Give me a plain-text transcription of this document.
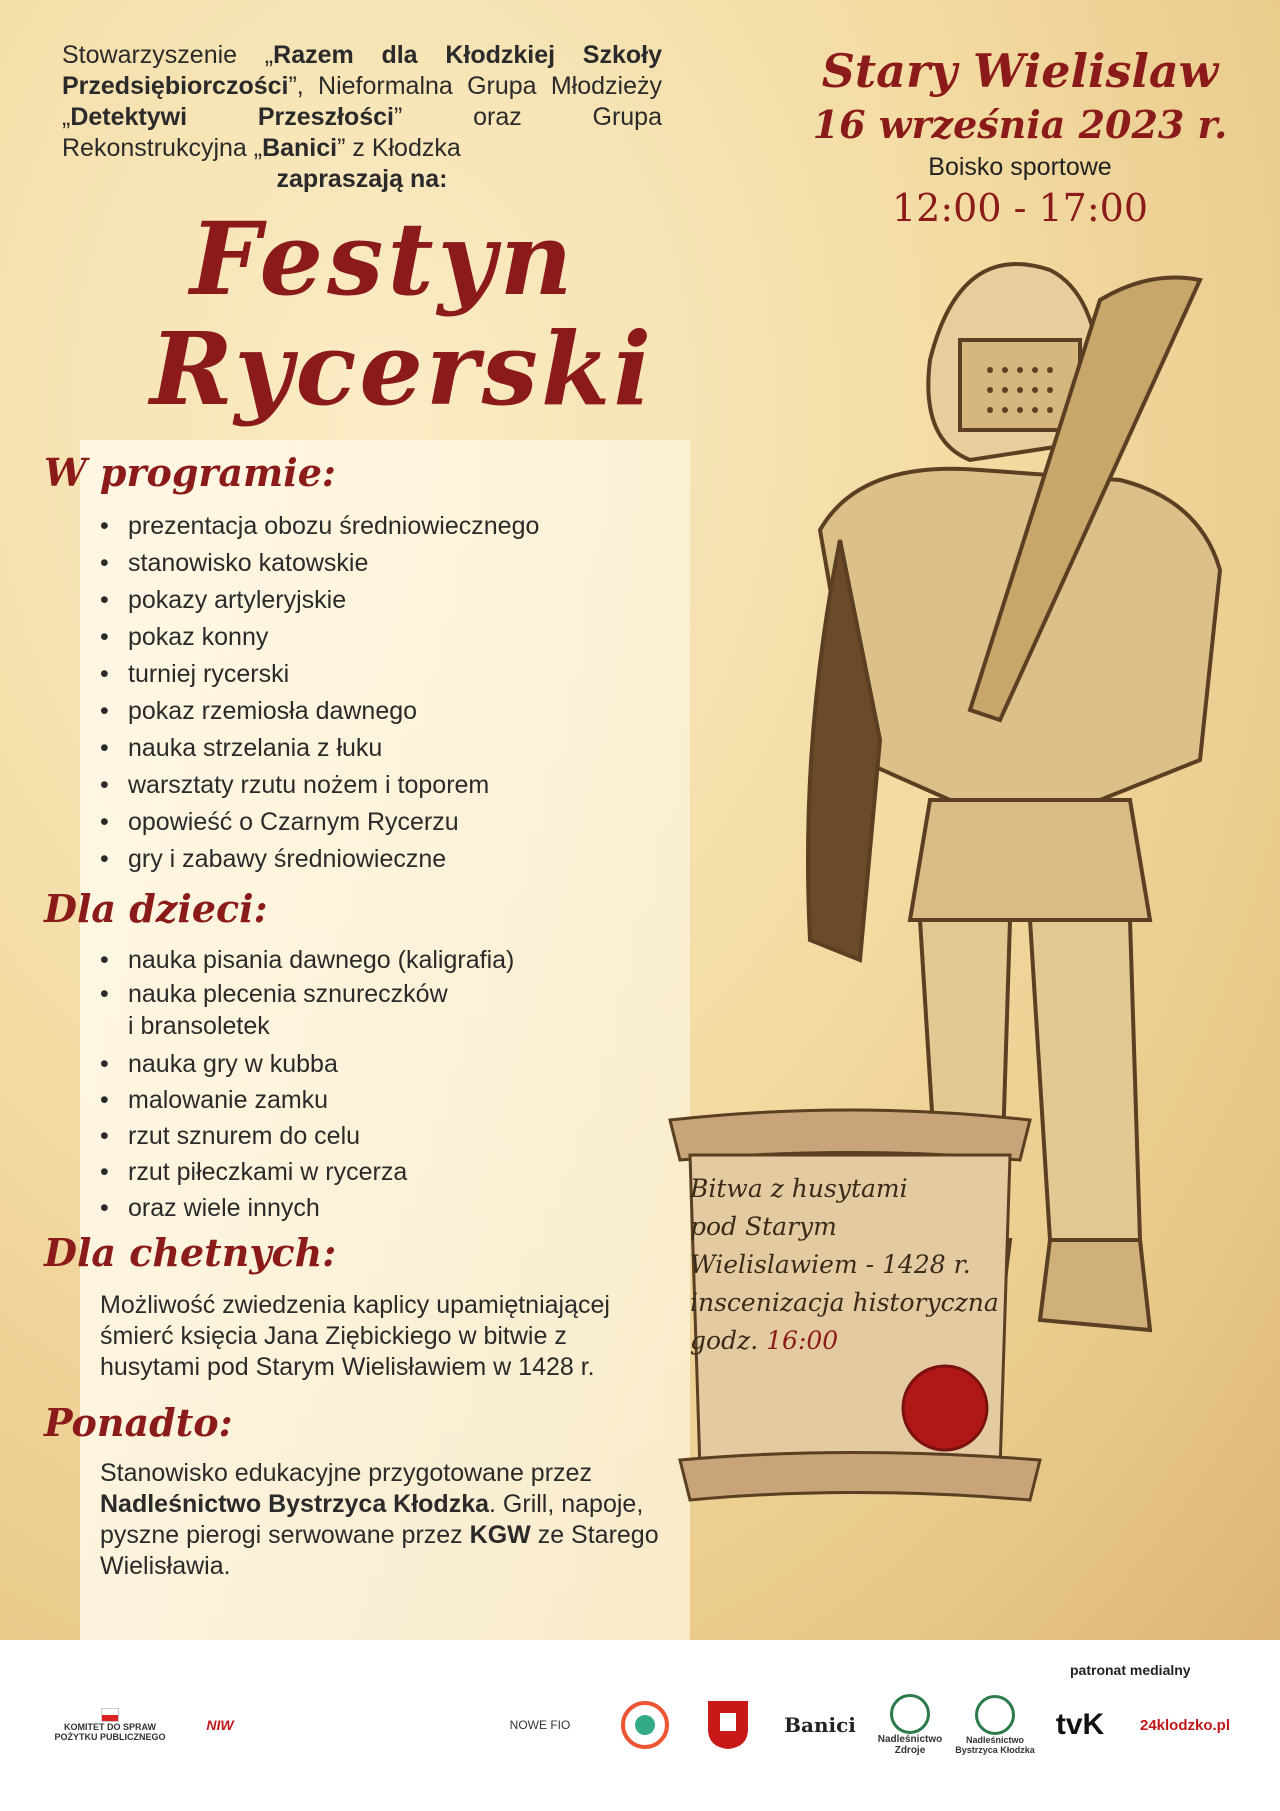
Stowarzyszenie „Razem dla Kłodzkiej Szkoły Przedsiębiorczości”, Nieformalna Grupa Młodzieży „Detektywi Przeszłości” oraz Grupa Rekonstrukcyjna „Banici” z Kłodzka
zapraszają na:
Festyn
Rycerski
Stary Wielislaw
16 września 2023 r.
Boisko sportowe
12:00 - 17:00
W programie:
• prezentacja obozu średniowiecznego
• stanowisko katowskie
• pokazy artyleryjskie
• pokaz konny
• turniej rycerski
• pokaz rzemiosła dawnego
• nauka strzelania z łuku
• warsztaty rzutu nożem i toporem
• opowieść o Czarnym Rycerzu
• gry i zabawy średniowieczne
Dla dzieci:
• nauka pisania dawnego (kaligrafia)
• nauka plecenia sznureczków
i bransoletek
• nauka gry w kubba
• malowanie zamku
• rzut sznurem do celu
• rzut piłeczkami w rycerza
• oraz wiele innych
Dla chetnych:
Możliwość zwiedzenia kaplicy upamiętniającej śmierć księcia Jana Ziębickiego w bitwie z husytami pod Starym Wielisławiem w 1428 r.
Ponadto:
Stanowisko edukacyjne przygotowane przez Nadleśnictwo Bystrzyca Kłodzka. Grill, napoje, pyszne pierogi serwowane przez KGW ze Starego Wielisławia.
Bitwa z husytami
pod Starym
Wielislawiem - 1428 r.
inscenizacja historyczna
godz. 16:00
patronat medialny
KOMITET DO SPRAW POŻYTKU PUBLICZNEGO
NIW	NOWE FIO	Banici
Nadleśnictwo Zdroje
Nadleśnictwo Bystrzyca Kłodzka
tvK 24klodzko.pl
